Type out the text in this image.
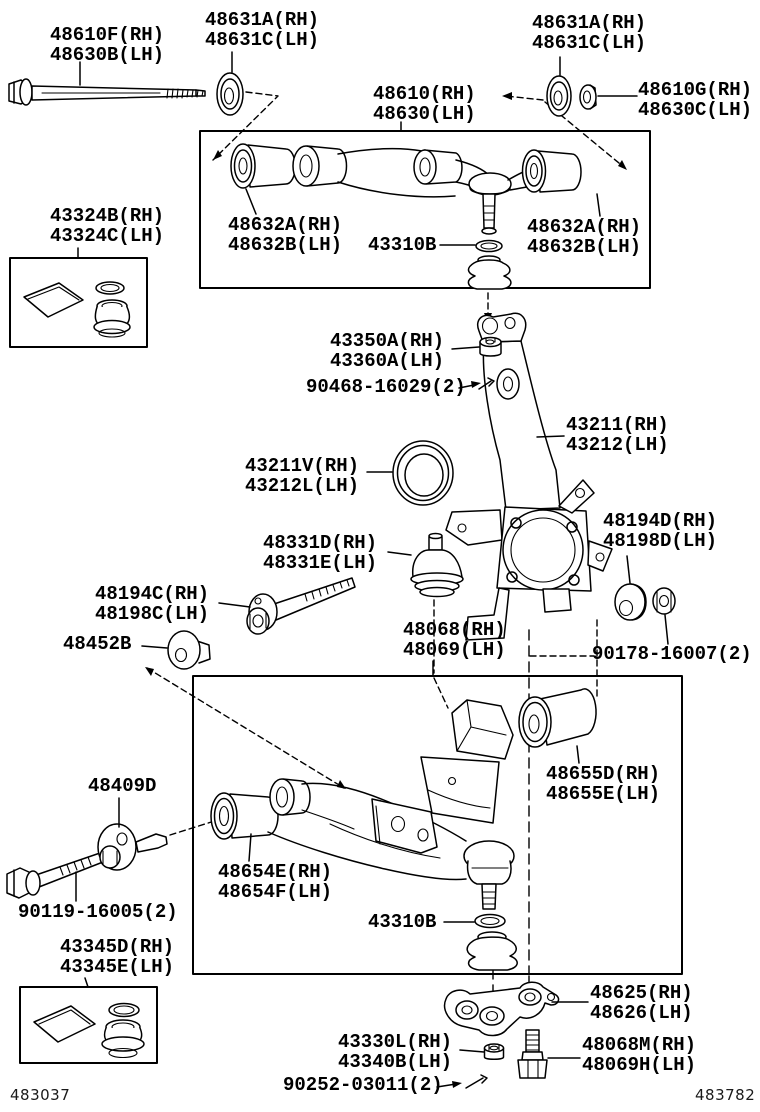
48610F(RH)
48630B(LH)
48631A(RH)
48631C(LH)
48631A(RH)
48631C(LH)
48610G(RH)
48630C(LH)
48610(RH)
48630(LH)
48632A(RH)
48632B(LH) 43310B
48632A(RH)
48632B(LH)
43324B(RH)
43324C(LH)
43350A(RH)
43360A(LH)
90468-16029(2)
43211(RH)
43212(LH)
43211V(RH)
43212L(LH)
48331D(RH)
48331E(LH)
48194D(RH)
48198D(LH)
48194C(RH)
48198C(LH)
48452B
48068(RH)
48069(LH)	90178-16007(2)
48655D(RH)
48655E(LH)
48409D
90119-16005(2)
48654E(RH)
48654F(LH)
43310B
43345D(RH)
43345E(LH)
48625(RH)
48626(LH)
43330L(RH)
43340B(LH)
90252-03011(2)
48068M(RH)
48069H(LH)
483037	483782
